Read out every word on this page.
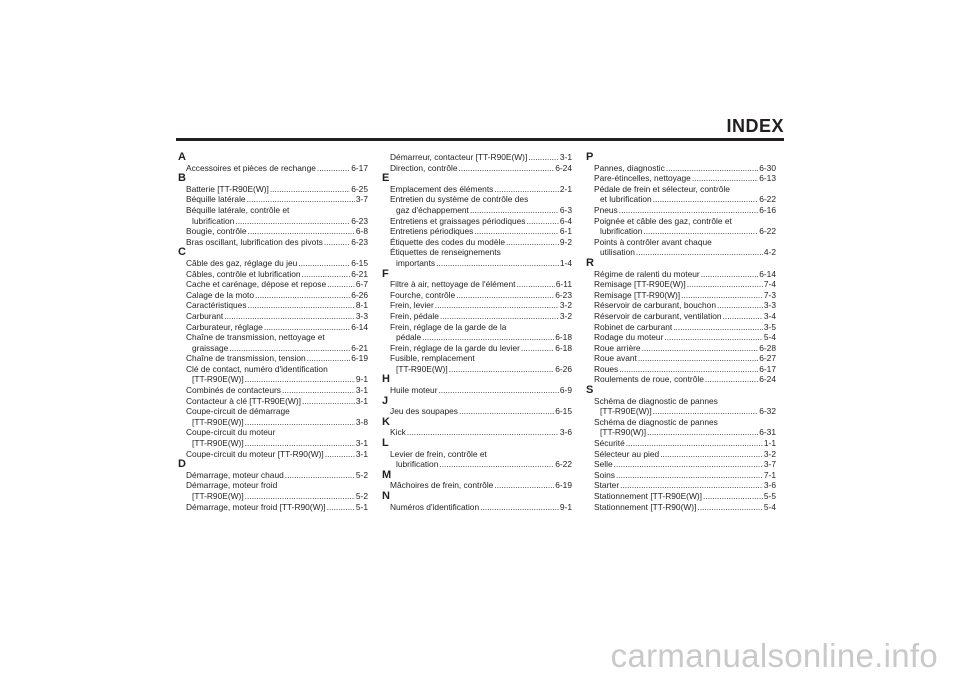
INDEX
A
Accessoires et pièces de rechange .....	6-17
B
Batterie [TT-R90E(W)] .....	6-25
Béquille latérale .....	3-7
Béquille latérale, contrôle et
lubrification .....	6-23
Bougie, contrôle .....	6-8
Bras oscillant, lubrification des pivots .....	6-23
C
Câble des gaz, réglage du jeu .....	6-15
Câbles, contrôle et lubrification .....	6-21
Cache et carénage, dépose et repose .....	6-7
Calage de la moto .....	6-26
Caractéristiques .....	8-1
Carburant .....	3-3
Carburateur, réglage .....	6-14
Chaîne de transmission, nettoyage et
graissage .....	6-21
Chaîne de transmission, tension .....	6-19
Clé de contact, numéro d'identification
[TT-R90E(W)] .....	9-1
Combinés de contacteurs .....	3-1
Contacteur à clé [TT-R90E(W)] .....	3-1
Coupe-circuit de démarrage
[TT-R90E(W)] .....	3-8
Coupe-circuit du moteur
[TT-R90E(W)] .....	3-1
Coupe-circuit du moteur [TT-R90(W)] .....	3-1
D
Démarrage, moteur chaud .....	5-2
Démarrage, moteur froid
[TT-R90E(W)] .....	5-2
Démarrage, moteur froid [TT-R90(W)] .....	5-1
Démarreur, contacteur [TT-R90E(W)] .....	3-1
Direction, contrôle .....	6-24
E
Emplacement des éléments .....	2-1
Entretien du système de contrôle des
gaz d'échappement .....	6-3
Entretiens et graissages périodiques .....	6-4
Entretiens périodiques .....	6-1
Étiquette des codes du modèle .....	9-2
Étiquettes de renseignements
importants .....	1-4
F
Filtre à air, nettoyage de l'élément .....	6-11
Fourche, contrôle .....	6-23
Frein, levier .....	3-2
Frein, pédale .....	3-2
Frein, réglage de la garde de la
pédale .....	6-18
Frein, réglage de la garde du levier .....	6-18
Fusible, remplacement
[TT-R90E(W)] .....	6-26
H
Huile moteur .....	6-9
J
Jeu des soupapes .....	6-15
K
Kick .....	3-6
L
Levier de frein, contrôle et
lubrification .....	6-22
M
Mâchoires de frein, contrôle .....	6-19
N
Numéros d'identification .....	9-1
P
Pannes, diagnostic .....	6-30
Pare-étincelles, nettoyage .....	6-13
Pédale de frein et sélecteur, contrôle
et lubrification .....	6-22
Pneus .....	6-16
Poignée et câble des gaz, contrôle et
lubrification .....	6-22
Points à contrôler avant chaque
utilisation .....	4-2
R
Régime de ralenti du moteur .....	6-14
Remisage [TT-R90E(W)] .....	7-4
Remisage [TT-R90(W)] .....	7-3
Réservoir de carburant, bouchon .....	3-3
Réservoir de carburant, ventilation .....	3-4
Robinet de carburant .....	3-5
Rodage du moteur .....	5-4
Roue arrière .....	6-28
Roue avant .....	6-27
Roues .....	6-17
Roulements de roue, contrôle .....	6-24
S
Schéma de diagnostic de pannes
[TT-R90E(W)] .....	6-32
Schéma de diagnostic de pannes
[TT-R90(W)] .....	6-31
Sécurité .....	1-1
Sélecteur au pied .....	3-2
Selle .....	3-7
Soins .....	7-1
Starter .....	3-6
Stationnement [TT-R90E(W)] .....	5-5
Stationnement [TT-R90(W)] .....	5-4
carmanualsonline.info
